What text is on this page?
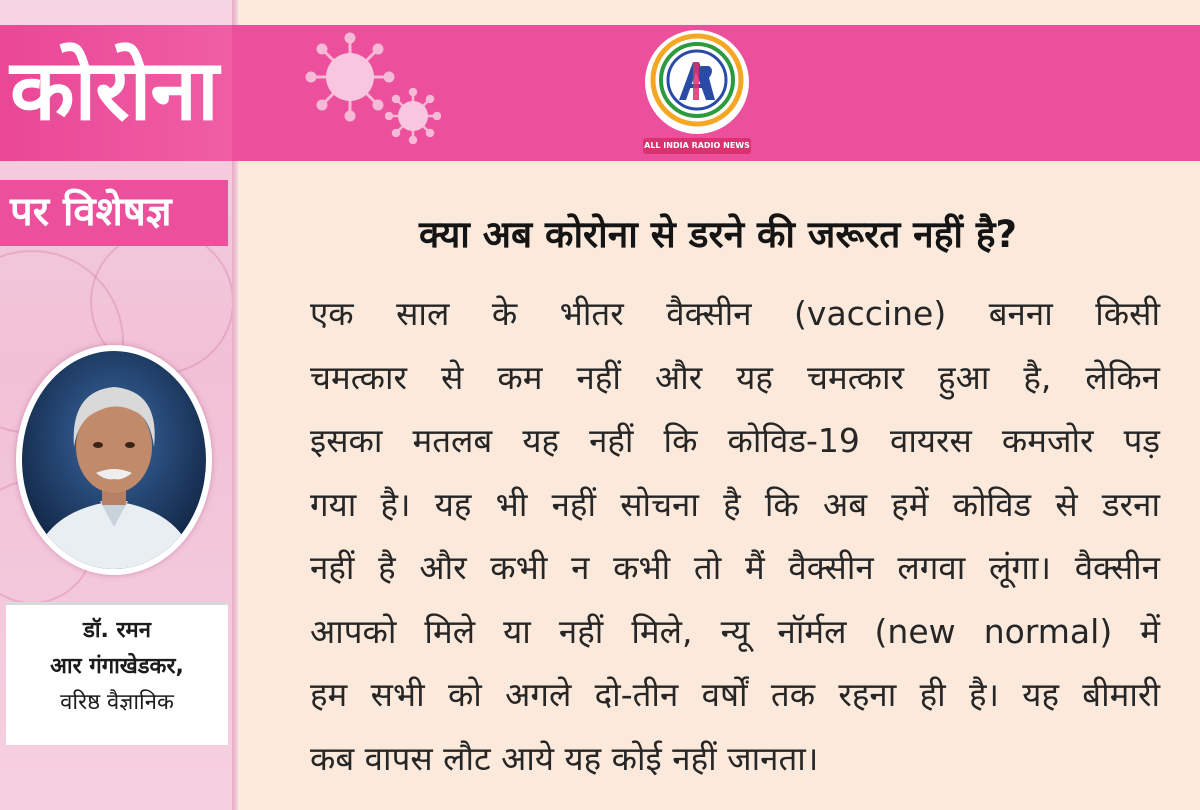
कोरोना
पर विशेषज्ञ
ALL INDIA RADIO NEWS
डॉ. रमन
आर गंगाखेडकर,
वरिष्ठ वैज्ञानिक
क्या अब कोरोना से डरने की जरूरत नहीं है?
एक साल के भीतर वैक्सीन (vaccine) बनना किसी
चमत्कार से कम नहीं और यह चमत्कार हुआ है, लेकिन
इसका मतलब यह नहीं कि कोविड-19 वायरस कमजोर पड़
गया है। यह भी नहीं सोचना है कि अब हमें कोविड से डरना
नहीं है और कभी न कभी तो मैं वैक्सीन लगवा लूंगा। वैक्सीन
आपको मिले या नहीं मिले, न्यू नॉर्मल (new normal) में
हम सभी को अगले दो-तीन वर्षों तक रहना ही है। यह बीमारी
कब वापस लौट आये यह कोई नहीं जानता।
